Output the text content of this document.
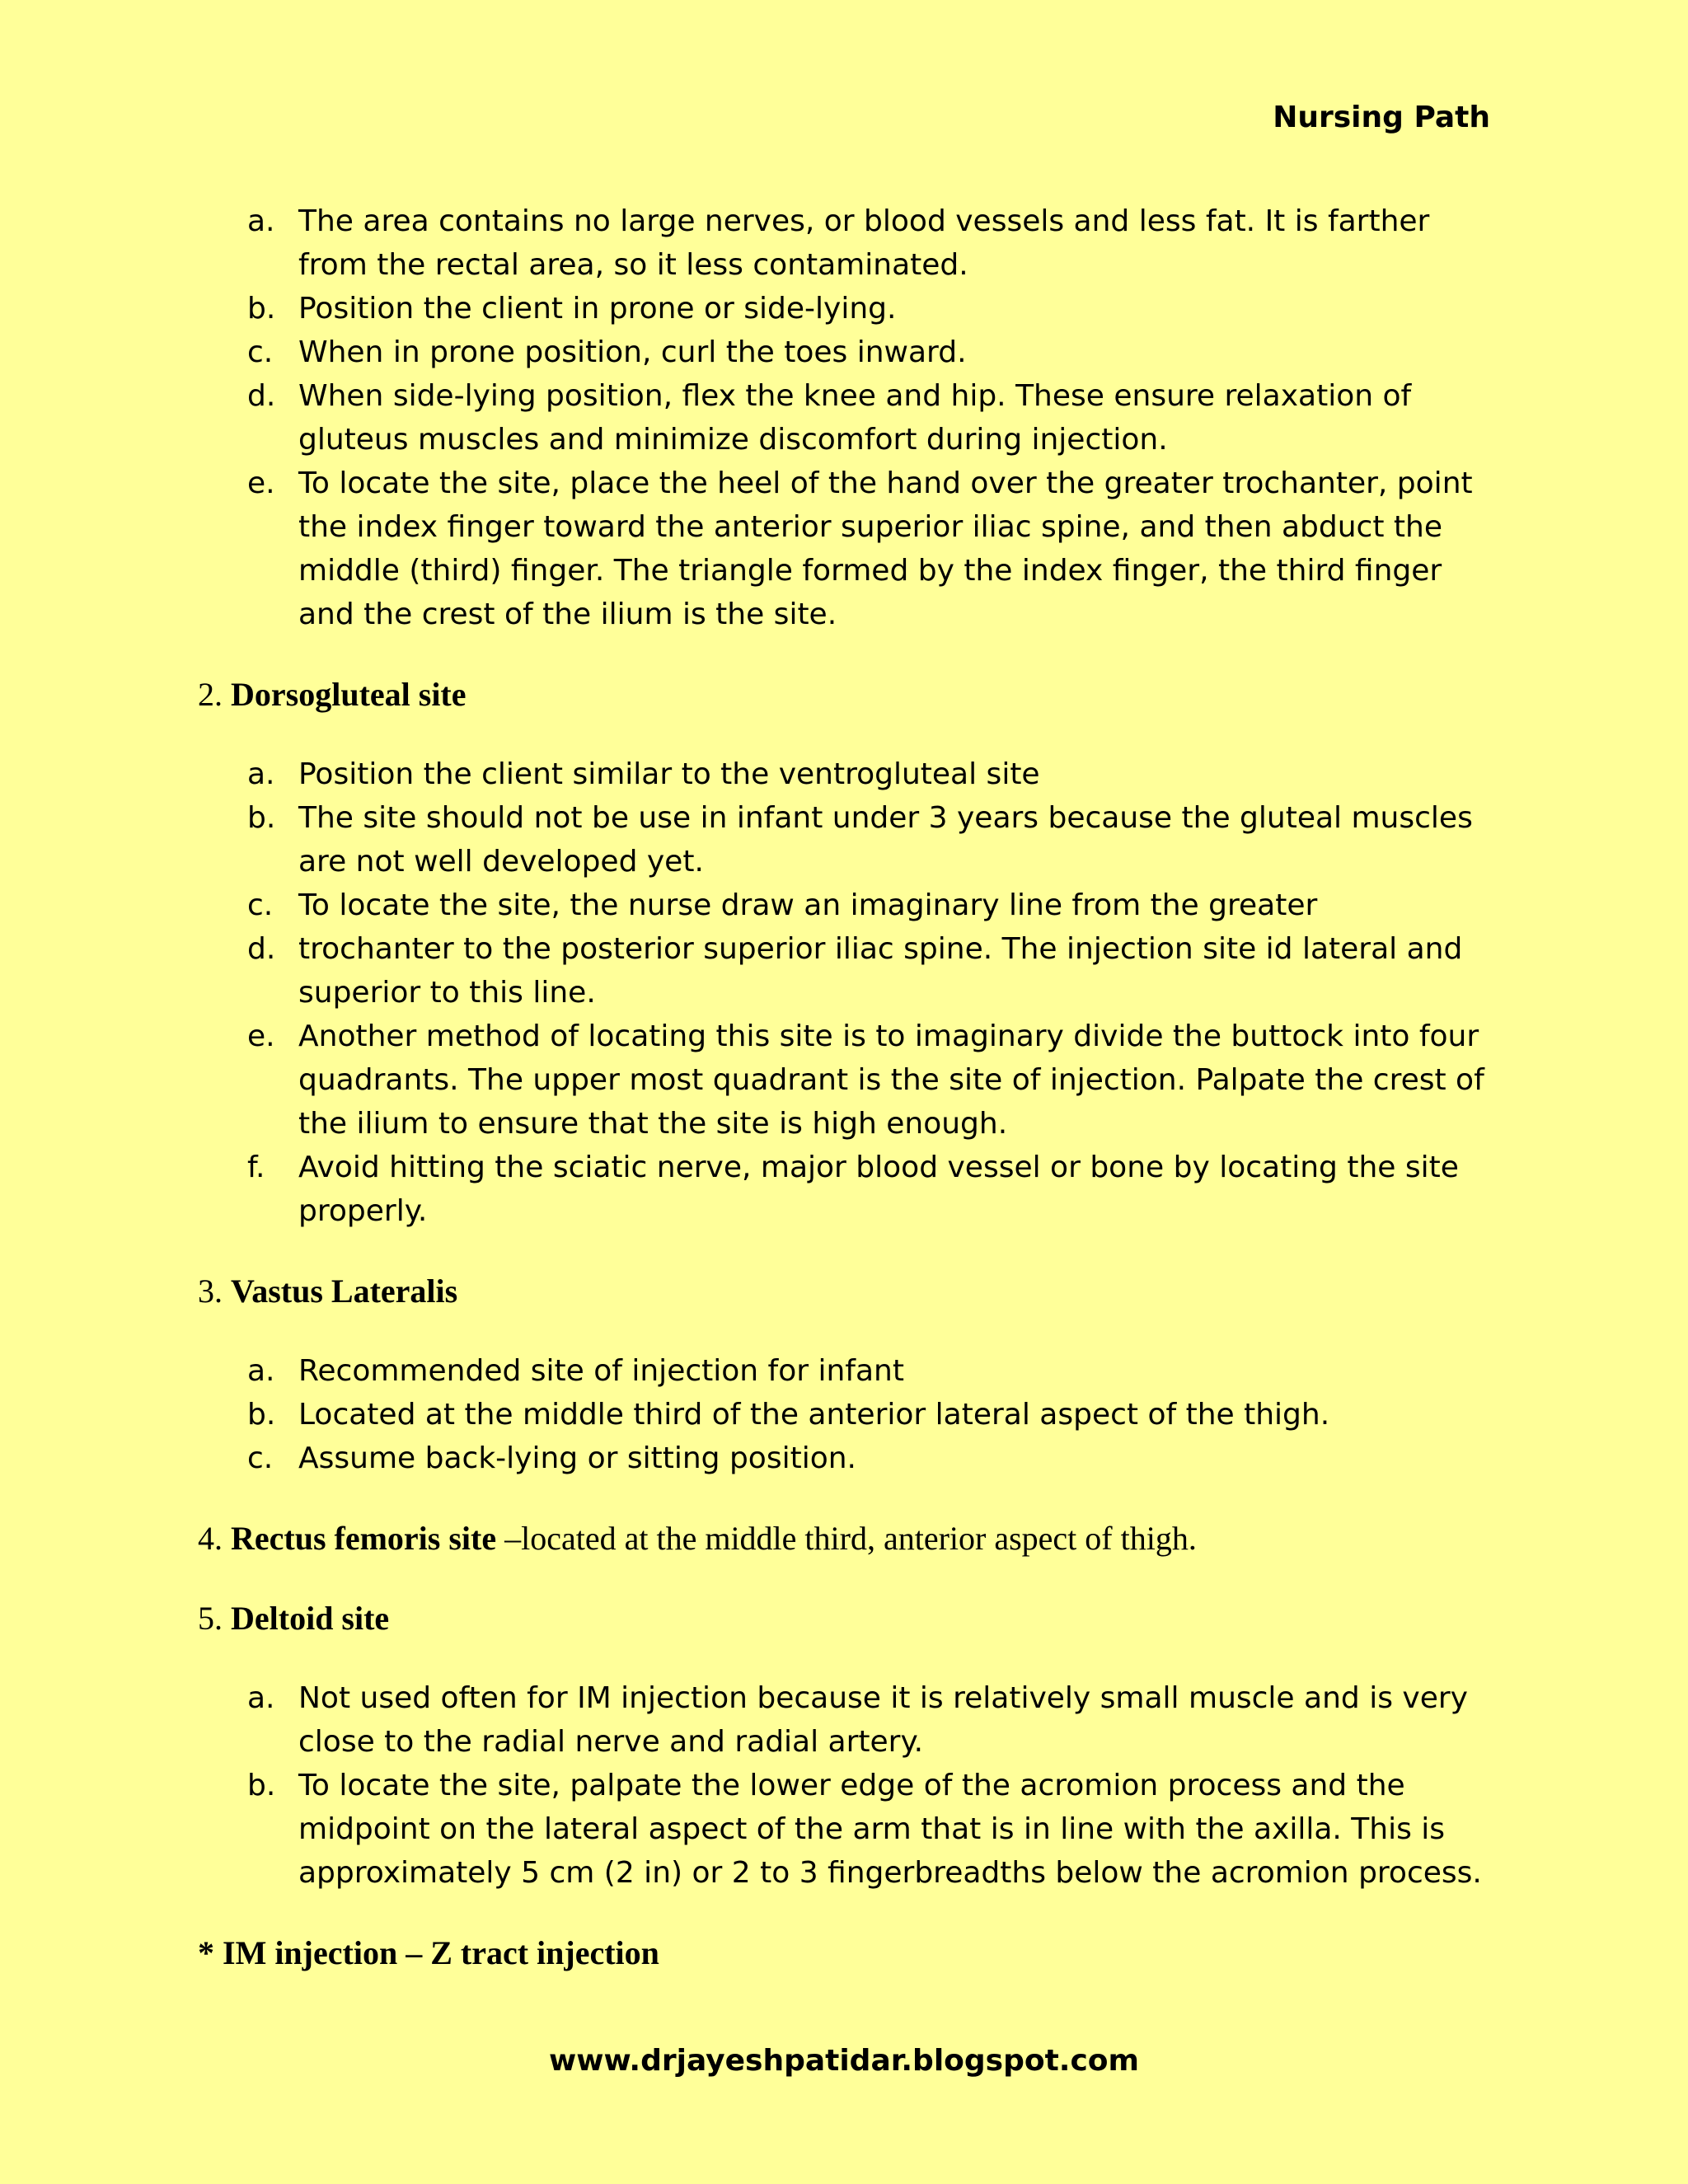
Nursing Path
a. The area contains no large nerves, or blood vessels and less fat. It is farther from the rectal area, so it less contaminated.
b. Position the client in prone or side-lying.
c. When in prone position, curl the toes inward.
d. When side-lying position, flex the knee and hip. These ensure relaxation of gluteus muscles and minimize discomfort during injection.
e. To locate the site, place the heel of the hand over the greater trochanter, point the index finger toward the anterior superior iliac spine, and then abduct the middle (third) finger. The triangle formed by the index finger, the third finger and the crest of the ilium is the site.
2. Dorsogluteal site
a. Position the client similar to the ventrogluteal site
b. The site should not be use in infant under 3 years because the gluteal muscles are not well developed yet.
c. To locate the site, the nurse draw an imaginary line from the greater
d. trochanter to the posterior superior iliac spine. The injection site id lateral and superior to this line.
e. Another method of locating this site is to imaginary divide the buttock into four quadrants. The upper most quadrant is the site of injection. Palpate the crest of the ilium to ensure that the site is high enough.
f. Avoid hitting the sciatic nerve, major blood vessel or bone by locating the site properly.
3. Vastus Lateralis
a. Recommended site of injection for infant
b. Located at the middle third of the anterior lateral aspect of the thigh.
c. Assume back-lying or sitting position.
4. Rectus femoris site –located at the middle third, anterior aspect of thigh.
5. Deltoid site
a. Not used often for IM injection because it is relatively small muscle and is very close to the radial nerve and radial artery.
b. To locate the site, palpate the lower edge of the acromion process and the midpoint on the lateral aspect of the arm that is in line with the axilla. This is approximately 5 cm (2 in) or 2 to 3 fingerbreadths below the acromion process.
* IM injection – Z tract injection
www.drjayeshpatidar.blogspot.com
